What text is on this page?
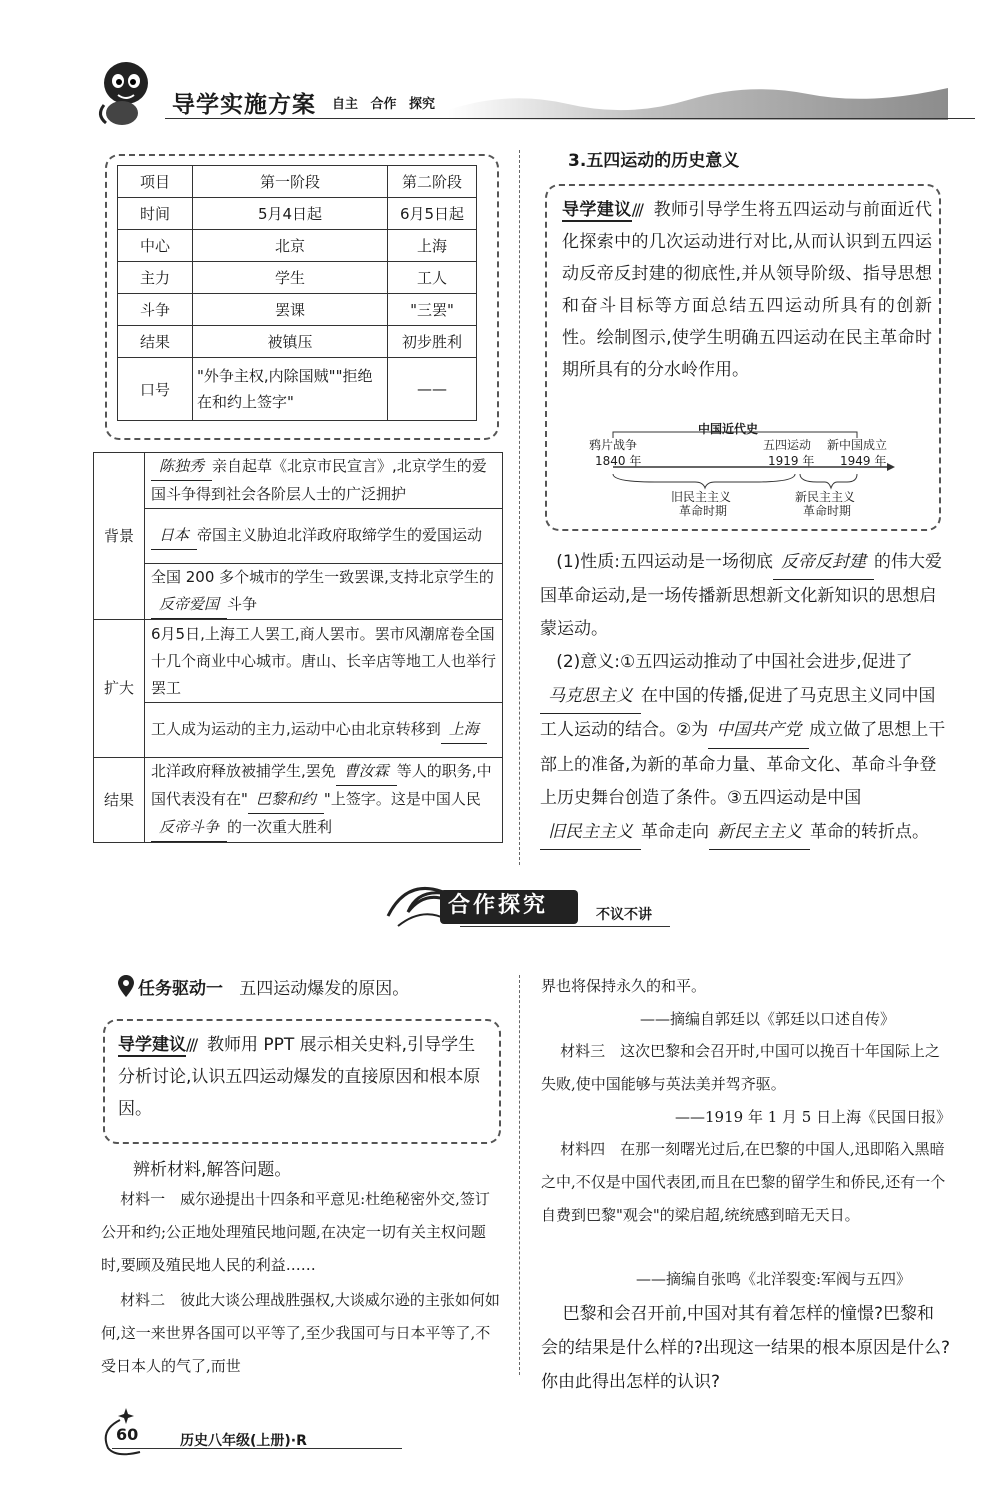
导学实施方案 自主 合作 探究
项目	第一阶段	第二阶段
时间	5月4日起	6月5日起
中心	北京	上海
主力	学生	工人
斗争	罢课	"三罢"
结果	被镇压	初步胜利
口号	"外争主权,内除国贼""拒绝在和约上签字"	——
背景	陈独秀 亲自起草《北京市民宣言》,北京学生的爱国斗争得到社会各阶层人士的广泛拥护
	日本 帝国主义胁迫北洋政府取缔学生的爱国运动
	全国 200 多个城市的学生一致罢课,支持北京学生的反帝爱国 斗争
扩大	6月5日,上海工人罢工,商人罢市。罢市风潮席卷全国十几个商业中心城市。唐山、长辛店等地工人也举行罢工
	工人成为运动的主力,运动中心由北京转移到 上海
结果	北洋政府释放被捕学生,罢免 曹汝霖 等人的职务,中国代表没有在" 巴黎和约 "上签字。这是中国人民反帝斗争 的一次重大胜利
3.五四运动的历史意义
导学建议/// 教师引导学生将五四运动与前面近代化探索中的几次运动进行对比,从而认识到五四运动反帝反封建的彻底性,并从领导阶级、指导思想和奋斗目标等方面总结五四运动所具有的创新性。绘制图示,使学生明确五四运动在民主革命时期所具有的分水岭作用。
中国近代史
鸦片战争
1840 年
五四运动
1919 年
新中国成立
1949 年
旧民主主义
革命时期
新民主主义
革命时期
(1)性质:五四运动是一场彻底 反帝反封建 的伟大爱国革命运动,是一场传播新思想新文化新知识的思想启蒙运动。
(2)意义:①五四运动推动了中国社会进步,促进了马克思主义 在中国的传播,促进了马克思主义同中国工人运动的结合。②为 中国共产党 成立做了思想上干部上的准备,为新的革命力量、革命文化、革命斗争登上历史舞台创造了条件。③五四运动是中国旧民主主义 革命走向 新民主主义 革命的转折点。
合作探究	不议不讲
任务驱动一 五四运动爆发的原因。
导学建议/// 教师用 PPT 展示相关史料,引导学生分析讨论,认识五四运动爆发的直接原因和根本原因。
辨析材料,解答问题。
材料一　威尔逊提出十四条和平意见:杜绝秘密外交,签订公开和约;公正地处理殖民地问题,在决定一切有关主权问题时,要顾及殖民地人民的利益……
材料二　彼此大谈公理战胜强权,大谈威尔逊的主张如何如何,这一来世界各国可以平等了,至少我国可与日本平等了,不受日本人的气了,而世
界也将保持永久的和平。
——摘编自郭廷以《郭廷以口述自传》
材料三　这次巴黎和会召开时,中国可以挽百十年国际上之失败,使中国能够与英法美并驾齐驱。
——1919 年 1 月 5 日上海《民国日报》
材料四　在那一刻曙光过后,在巴黎的中国人,迅即陷入黑暗之中,不仅是中国代表团,而且在巴黎的留学生和侨民,还有一个自费到巴黎"观会"的梁启超,统统感到暗无天日。
——摘编自张鸣《北洋裂变:军阀与五四》
巴黎和会召开前,中国对其有着怎样的憧憬?巴黎和会的结果是什么样的?出现这一结果的根本原因是什么?你由此得出怎样的认识?
60	历史八年级(上册)·R
